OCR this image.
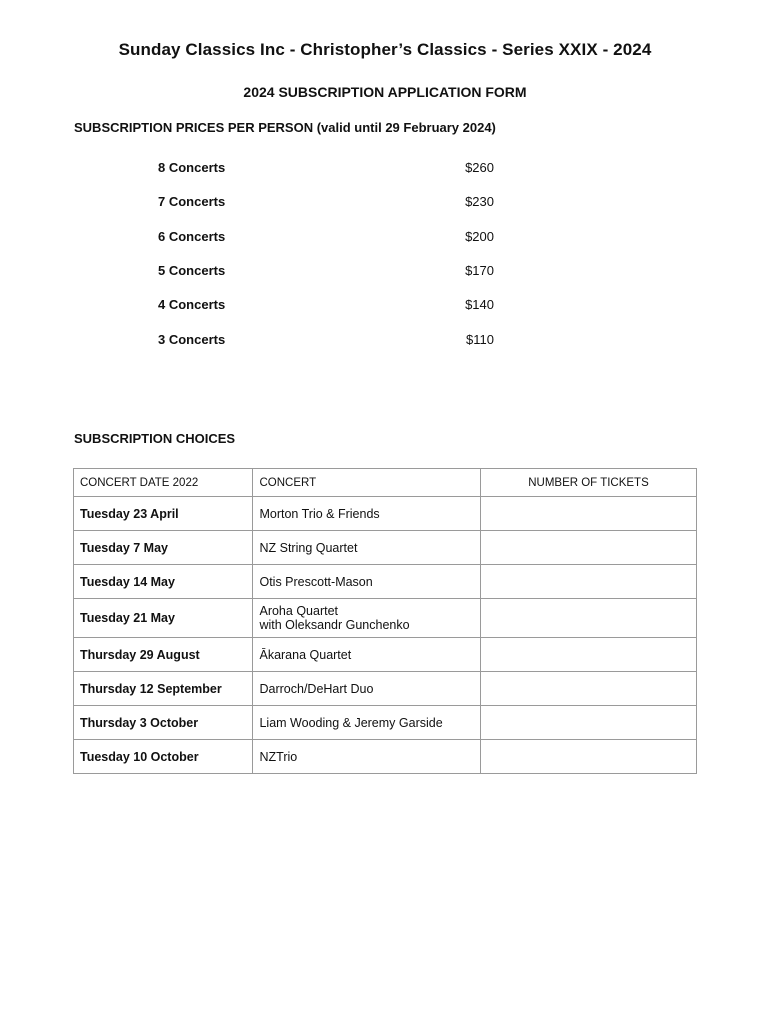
Sunday Classics Inc - Christopher’s Classics - Series XXIX - 2024
2024 SUBSCRIPTION APPLICATION FORM
SUBSCRIPTION PRICES PER PERSON (valid until 29 February 2024)
8 Concerts	$260
7 Concerts	$230
6 Concerts	$200
5 Concerts	$170
4 Concerts	$140
3 Concerts	$110
SUBSCRIPTION CHOICES
CONCERT DATE 2022	CONCERT	NUMBER OF TICKETS
Tuesday 23 April	Morton Trio & Friends	
Tuesday 7 May	NZ String Quartet	
Tuesday 14 May	Otis Prescott-Mason	
Tuesday 21 May	Aroha Quartet
with Oleksandr Gunchenko	

Thursday 29 August	Ākarana Quartet	
Thursday 12 September	Darroch/DeHart Duo	
Thursday 3 October	Liam Wooding & Jeremy Garside	
Tuesday 10 October	NZTrio	
